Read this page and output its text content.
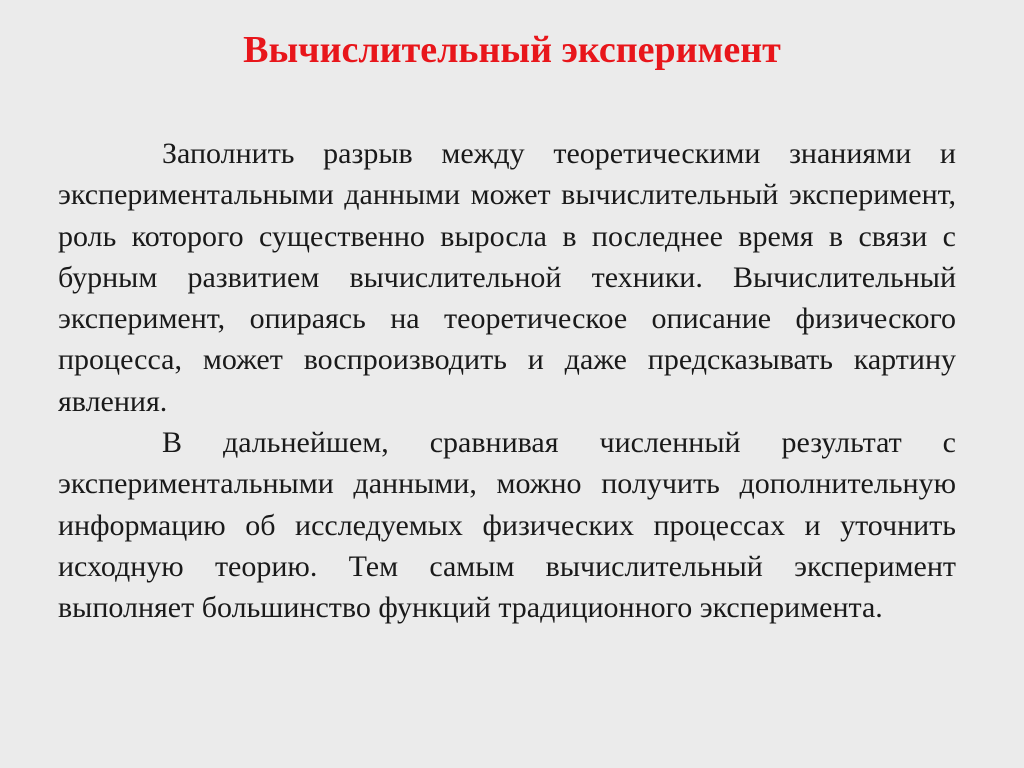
Вычислительный эксперимент

Заполнить разрыв между теоретическими знаниями и экспериментальными данными может вычислительный эксперимент, роль которого существенно выросла в последнее время в связи с бурным развитием вычислительной техники. Вычислительный эксперимент, опираясь на теоретическое описание физического процесса, может воспроизводить и даже предсказывать картину явления.

В дальнейшем, сравнивая численный результат с экспериментальными данными, можно получить дополнительную информацию об исследуемых физических процессах и уточнить исходную теорию. Тем самым вычислительный эксперимент выполняет большинство функций традиционного эксперимента.
